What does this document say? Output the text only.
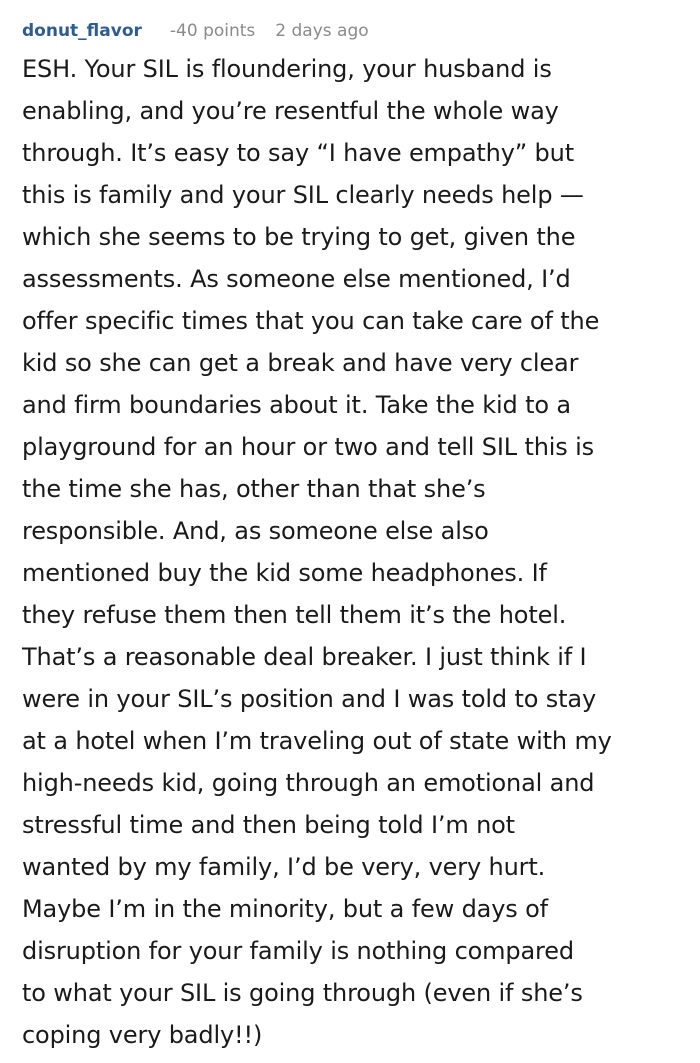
donut_flavor -40 points 2 days ago
ESH. Your SIL is floundering, your husband is
enabling, and you’re resentful the whole way
through. It’s easy to say “I have empathy” but
this is family and your SIL clearly needs help —
which she seems to be trying to get, given the
assessments. As someone else mentioned, I’d
offer specific times that you can take care of the
kid so she can get a break and have very clear
and firm boundaries about it. Take the kid to a
playground for an hour or two and tell SIL this is
the time she has, other than that she’s
responsible. And, as someone else also
mentioned buy the kid some headphones. If
they refuse them then tell them it’s the hotel.
That’s a reasonable deal breaker. I just think if I
were in your SIL’s position and I was told to stay
at a hotel when I’m traveling out of state with my
high-needs kid, going through an emotional and
stressful time and then being told I’m not
wanted by my family, I’d be very, very hurt.
Maybe I’m in the minority, but a few days of
disruption for your family is nothing compared
to what your SIL is going through (even if she’s
coping very badly!!)
